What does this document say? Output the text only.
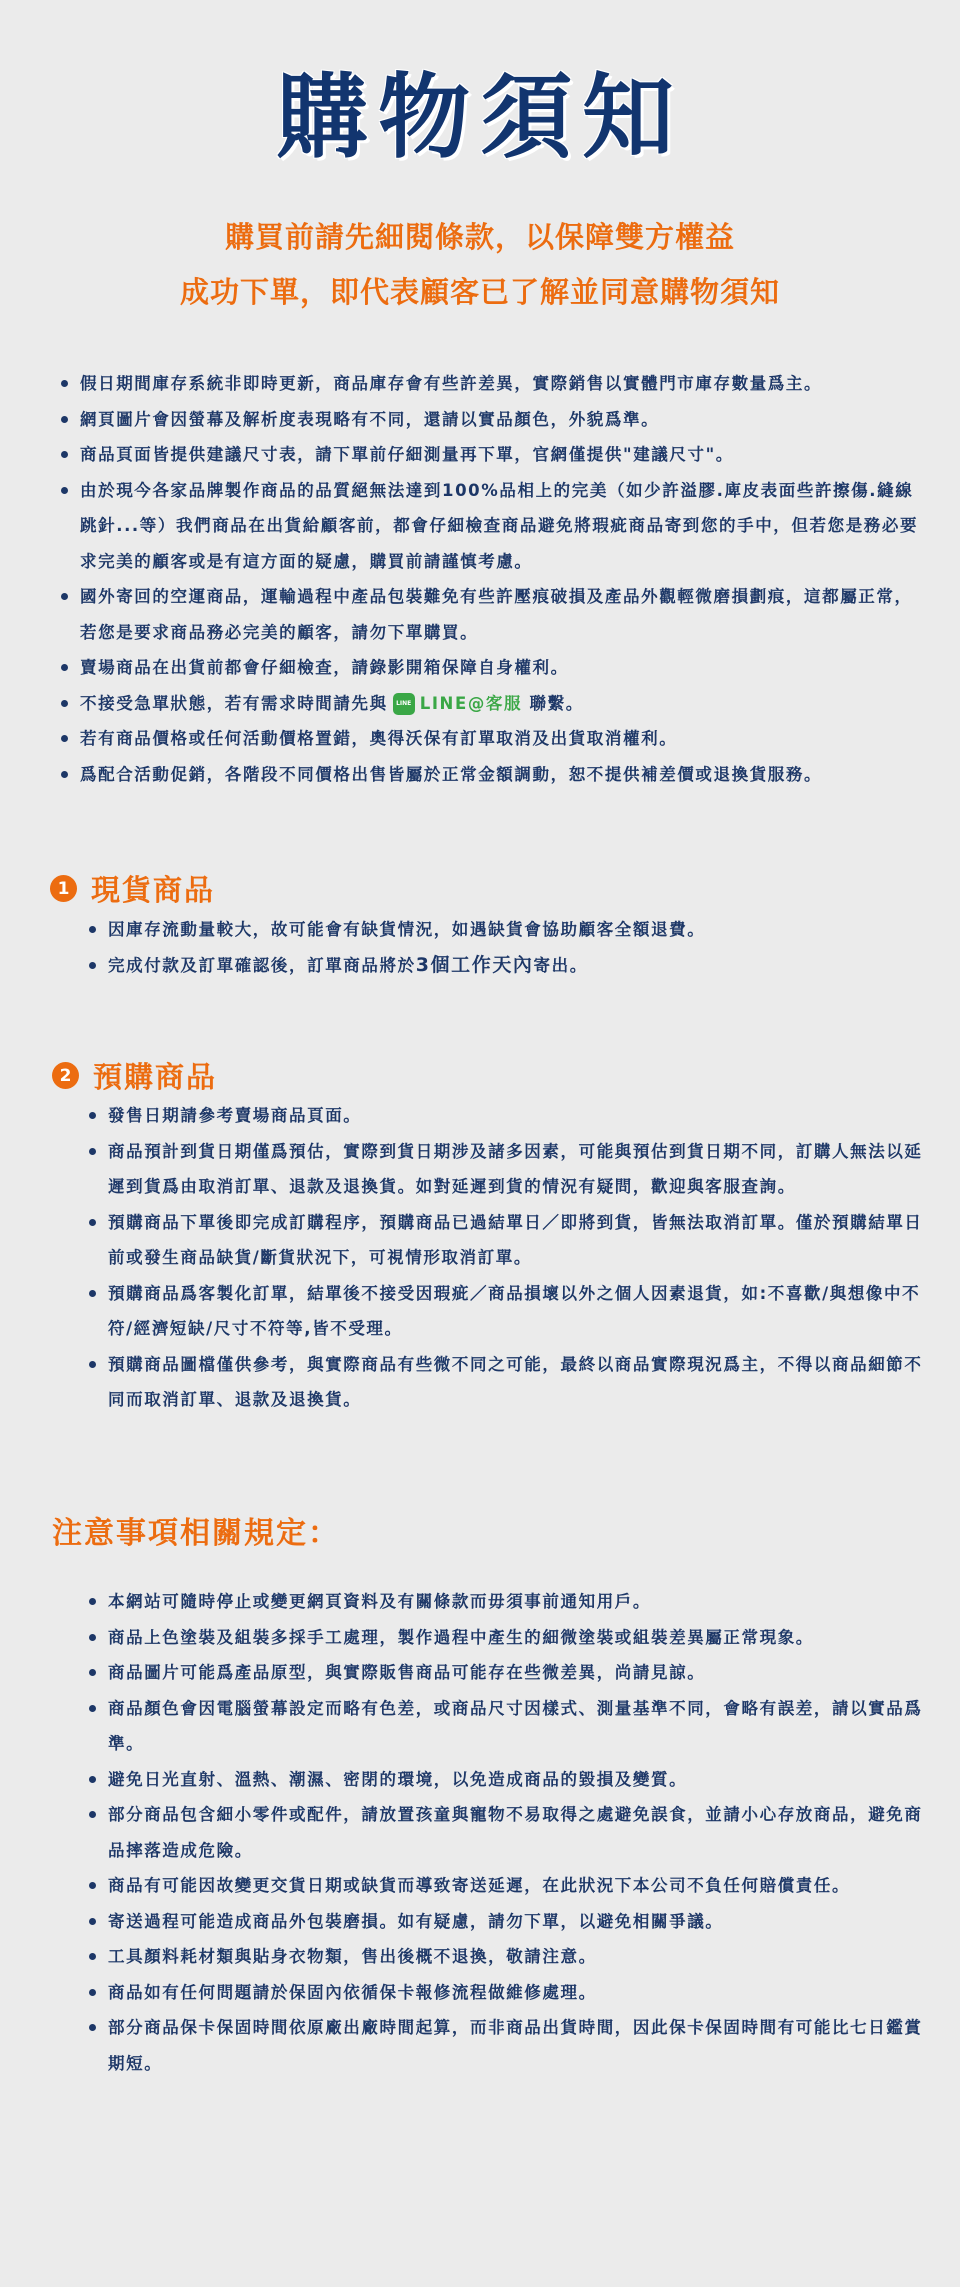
購物須知
購買前請先細閱條款，以保障雙方權益
成功下單，即代表顧客已了解並同意購物須知
假日期間庫存系統非即時更新，商品庫存會有些許差異，實際銷售以實體門市庫存數量爲主。
網頁圖片會因螢幕及解析度表現略有不同，還請以實品顏色，外貌爲準。
商品頁面皆提供建議尺寸表，請下單前仔細測量再下單，官網僅提供"建議尺寸"。
由於現今各家品牌製作商品的品質絕無法達到100%品相上的完美（如少許溢膠.庳皮表面些許擦傷.縫線跳針...等）我們商品在出貨給顧客前，都會仔細檢查商品避免將瑕疵商品寄到您的手中，但若您是務必要求完美的顧客或是有這方面的疑慮，購買前請謹慎考慮。
國外寄回的空運商品，運輸過程中產品包裝難免有些許壓痕破損及產品外觀輕微磨損劃痕，這都屬正常，若您是要求商品務必完美的顧客，請勿下單購買。
賣場商品在出貨前都會仔細檢查，請錄影開箱保障自身權利。
不接受急單狀態，若有需求時間請先與 LINE LINE@客服 聯繫。
若有商品價格或任何活動價格置錯，奧得沃保有訂單取消及出貨取消權利。
爲配合活動促銷，各階段不同價格出售皆屬於正常金額調動，恕不提供補差價或退換貨服務。
1 現貨商品
因庫存流動量較大，故可能會有缺貨情況，如遇缺貨會協助顧客全額退費。
完成付款及訂單確認後，訂單商品將於3個工作天內寄出。
2 預購商品
發售日期請參考賣場商品頁面。
商品預計到貨日期僅爲預估，實際到貨日期涉及諸多因素，可能與預估到貨日期不同，訂購人無法以延遲到貨爲由取消訂單、退款及退換貨。如對延遲到貨的情況有疑問，歡迎與客服查詢。
預購商品下單後即完成訂購程序，預購商品已過結單日／即將到貨，皆無法取消訂單。僅於預購結單日前或發生商品缺貨/斷貨狀況下，可視情形取消訂單。
預購商品爲客製化訂單，結單後不接受因瑕疵／商品損壞以外之個人因素退貨，如:不喜歡/與想像中不符/經濟短缺/尺寸不符等,皆不受理。
預購商品圖檔僅供參考，與實際商品有些微不同之可能，最終以商品實際現況爲主，不得以商品細節不同而取消訂單、退款及退換貨。
注意事項相關規定：
本網站可隨時停止或變更網頁資料及有關條款而毋須事前通知用戶。
商品上色塗裝及組裝多採手工處理，製作過程中產生的細微塗裝或組裝差異屬正常現象。
商品圖片可能爲產品原型，與實際販售商品可能存在些微差異，尚請見諒。
商品顏色會因電腦螢幕設定而略有色差，或商品尺寸因樣式、測量基準不同，會略有誤差，請以實品爲準。
避免日光直射、溫熱、潮濕、密閉的環境，以免造成商品的毀損及變質。
部分商品包含細小零件或配件，請放置孩童與寵物不易取得之處避免誤食，並請小心存放商品，避免商品摔落造成危險。
商品有可能因故變更交貨日期或缺貨而導致寄送延遲，在此狀況下本公司不負任何賠償責任。
寄送過程可能造成商品外包裝磨損。如有疑慮，請勿下單，以避免相關爭議。
工具顏料耗材類與貼身衣物類，售出後概不退換，敬請注意。
商品如有任何問題請於保固內依循保卡報修流程做維修處理。
部分商品保卡保固時間依原廠出廠時間起算，而非商品出貨時間，因此保卡保固時間有可能比七日鑑賞期短。
